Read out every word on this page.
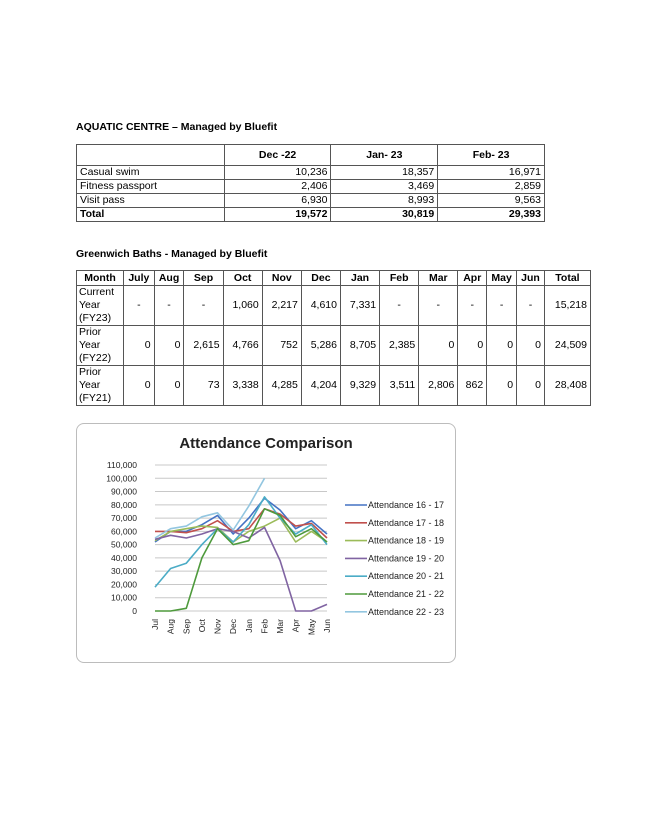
AQUATIC CENTRE – Managed by Bluefit
	Dec -22	Jan- 23	Feb- 23
Casual swim	10,236	18,357	16,971
Fitness passport	2,406	3,469	2,859
Visit pass	6,930	8,993	9,563
Total	19,572	30,819	29,393
Greenwich Baths - Managed by Bluefit
Month	July	Aug	Sep	Oct	Nov	Dec	Jan	Feb	Mar	Apr	May	Jun	Total

Current
Year
(FY23)	-	-	-	1,060	2,217	4,610	7,331	-	-	-	-	-	15,218

Prior
Year
(FY22)	0	0	2,615	4,766	752	5,286	8,705	2,385	0	0	0	0	24,509

Prior
Year
(FY21)	0	0	73	3,338	4,285	4,204	9,329	3,511	2,806	862	0	0	28,408
Attendance Comparison
0
10,000
20,000
30,000
40,000
50,000
60,000
70,000
80,000
90,000
100,000
110,000
Jul Aug Sep Oct Nov Dec Jan Feb Mar Apr May Jun
Attendance 16 - 17
Attendance 17 - 18
Attendance 18 - 19
Attendance 19 - 20
Attendance 20 - 21
Attendance 21 - 22
Attendance 22 - 23
